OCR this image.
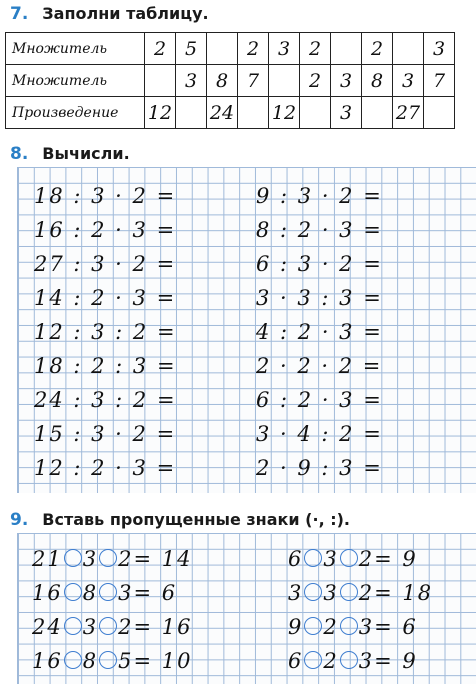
7. Заполни таблицу.
Множитель	2	5		2	3	2		2		3
Множитель		3	8	7		2	3	8	3	7
Произведение	12		24		12		3		27	
8. Вычисли.
18 : 3 · 2 =
16 : 2 · 3 =
27 : 3 · 2 =
14 : 2 · 3 =
12 : 3 : 2 =
18 : 2 : 3 =
24 : 3 : 2 =
15 : 3 · 2 =
12 : 2 · 3 =
9 : 3 · 2 =
8 : 2 · 3 =
6 : 3 · 2 =
3 · 3 : 3 =
4 : 2 · 3 =
2 · 2 · 2 =
6 : 2 · 3 =
3 · 4 : 2 =
2 · 9 : 3 =
9. Вставь пропущенные знаки (·, :).
21 3 2= 14
16 8 3= 6
24 3 2= 16
16 8 5= 10
6 3 2= 9
3 3 2= 18
9 2 3= 6
6 2 3= 9
